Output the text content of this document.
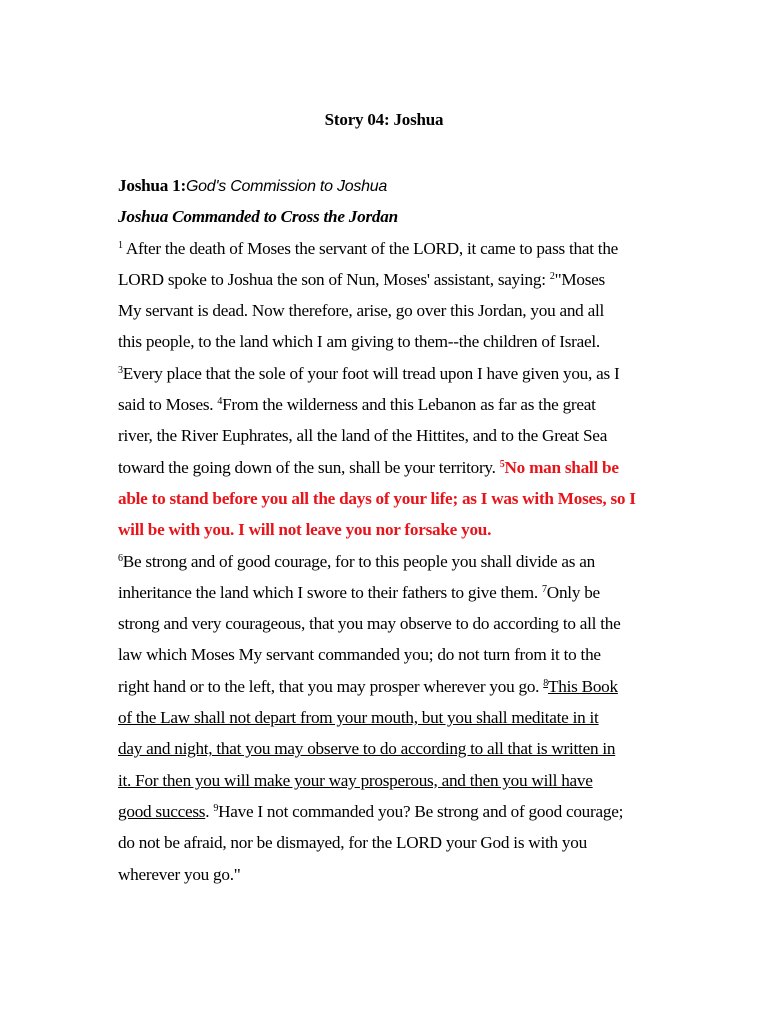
Story 04: Joshua
Joshua 1:God's Commission to Joshua
Joshua Commanded to Cross the Jordan
$^1$ After the death of Moses the servant of the LORD, it came to pass that the
LORD spoke to Joshua the son of Nun, Moses' assistant, saying: $^2$"Moses
My servant is dead. Now therefore, arise, go over this Jordan, you and all
this people, to the land which I am giving to them--the children of Israel.
$^3$Every place that the sole of your foot will tread upon I have given you, as I
said to Moses. $^4$From the wilderness and this Lebanon as far as the great
river, the River Euphrates, all the land of the Hittites, and to the Great Sea
toward the going down of the sun, shall be your territory. $^5$No man shall be
able to stand before you all the days of your life; as I was with Moses, so I
will be with you. I will not leave you nor forsake you.
$^6$Be strong and of good courage, for to this people you shall divide as an
inheritance the land which I swore to their fathers to give them. $^7$Only be
strong and very courageous, that you may observe to do according to all the
law which Moses My servant commanded you; do not turn from it to the
right hand or to the left, that you may prosper wherever you go. $^8$This Book
of the Law shall not depart from your mouth, but you shall meditate in it
day and night, that you may observe to do according to all that is written in
it. For then you will make your way prosperous, and then you will have
good success. $^9$Have I not commanded you? Be strong and of good courage;
do not be afraid, nor be dismayed, for the LORD your God is with you
wherever you go."
